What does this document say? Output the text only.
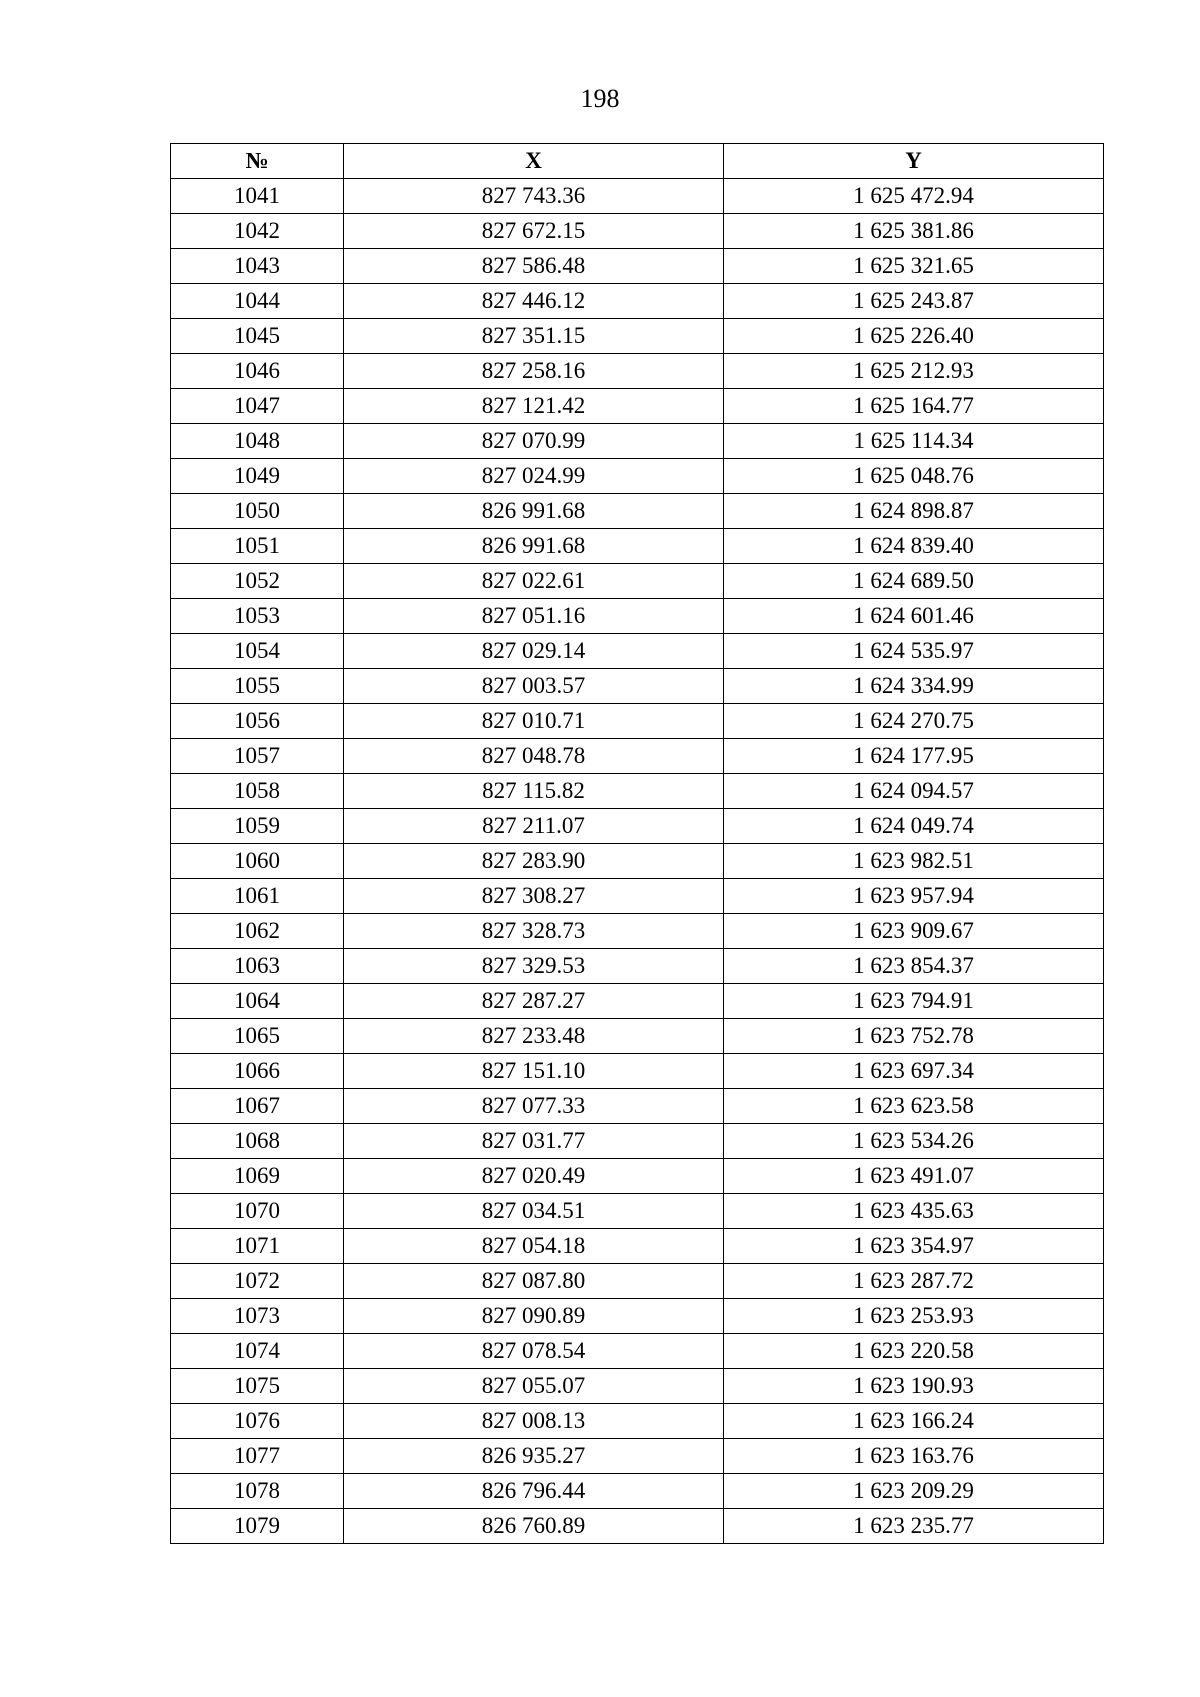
198
№	X	Y
1041	827 743.36	1 625 472.94
1042	827 672.15	1 625 381.86
1043	827 586.48	1 625 321.65
1044	827 446.12	1 625 243.87
1045	827 351.15	1 625 226.40
1046	827 258.16	1 625 212.93
1047	827 121.42	1 625 164.77
1048	827 070.99	1 625 114.34
1049	827 024.99	1 625 048.76
1050	826 991.68	1 624 898.87
1051	826 991.68	1 624 839.40
1052	827 022.61	1 624 689.50
1053	827 051.16	1 624 601.46
1054	827 029.14	1 624 535.97
1055	827 003.57	1 624 334.99
1056	827 010.71	1 624 270.75
1057	827 048.78	1 624 177.95
1058	827 115.82	1 624 094.57
1059	827 211.07	1 624 049.74
1060	827 283.90	1 623 982.51
1061	827 308.27	1 623 957.94
1062	827 328.73	1 623 909.67
1063	827 329.53	1 623 854.37
1064	827 287.27	1 623 794.91
1065	827 233.48	1 623 752.78
1066	827 151.10	1 623 697.34
1067	827 077.33	1 623 623.58
1068	827 031.77	1 623 534.26
1069	827 020.49	1 623 491.07
1070	827 034.51	1 623 435.63
1071	827 054.18	1 623 354.97
1072	827 087.80	1 623 287.72
1073	827 090.89	1 623 253.93
1074	827 078.54	1 623 220.58
1075	827 055.07	1 623 190.93
1076	827 008.13	1 623 166.24
1077	826 935.27	1 623 163.76
1078	826 796.44	1 623 209.29
1079	826 760.89	1 623 235.77
